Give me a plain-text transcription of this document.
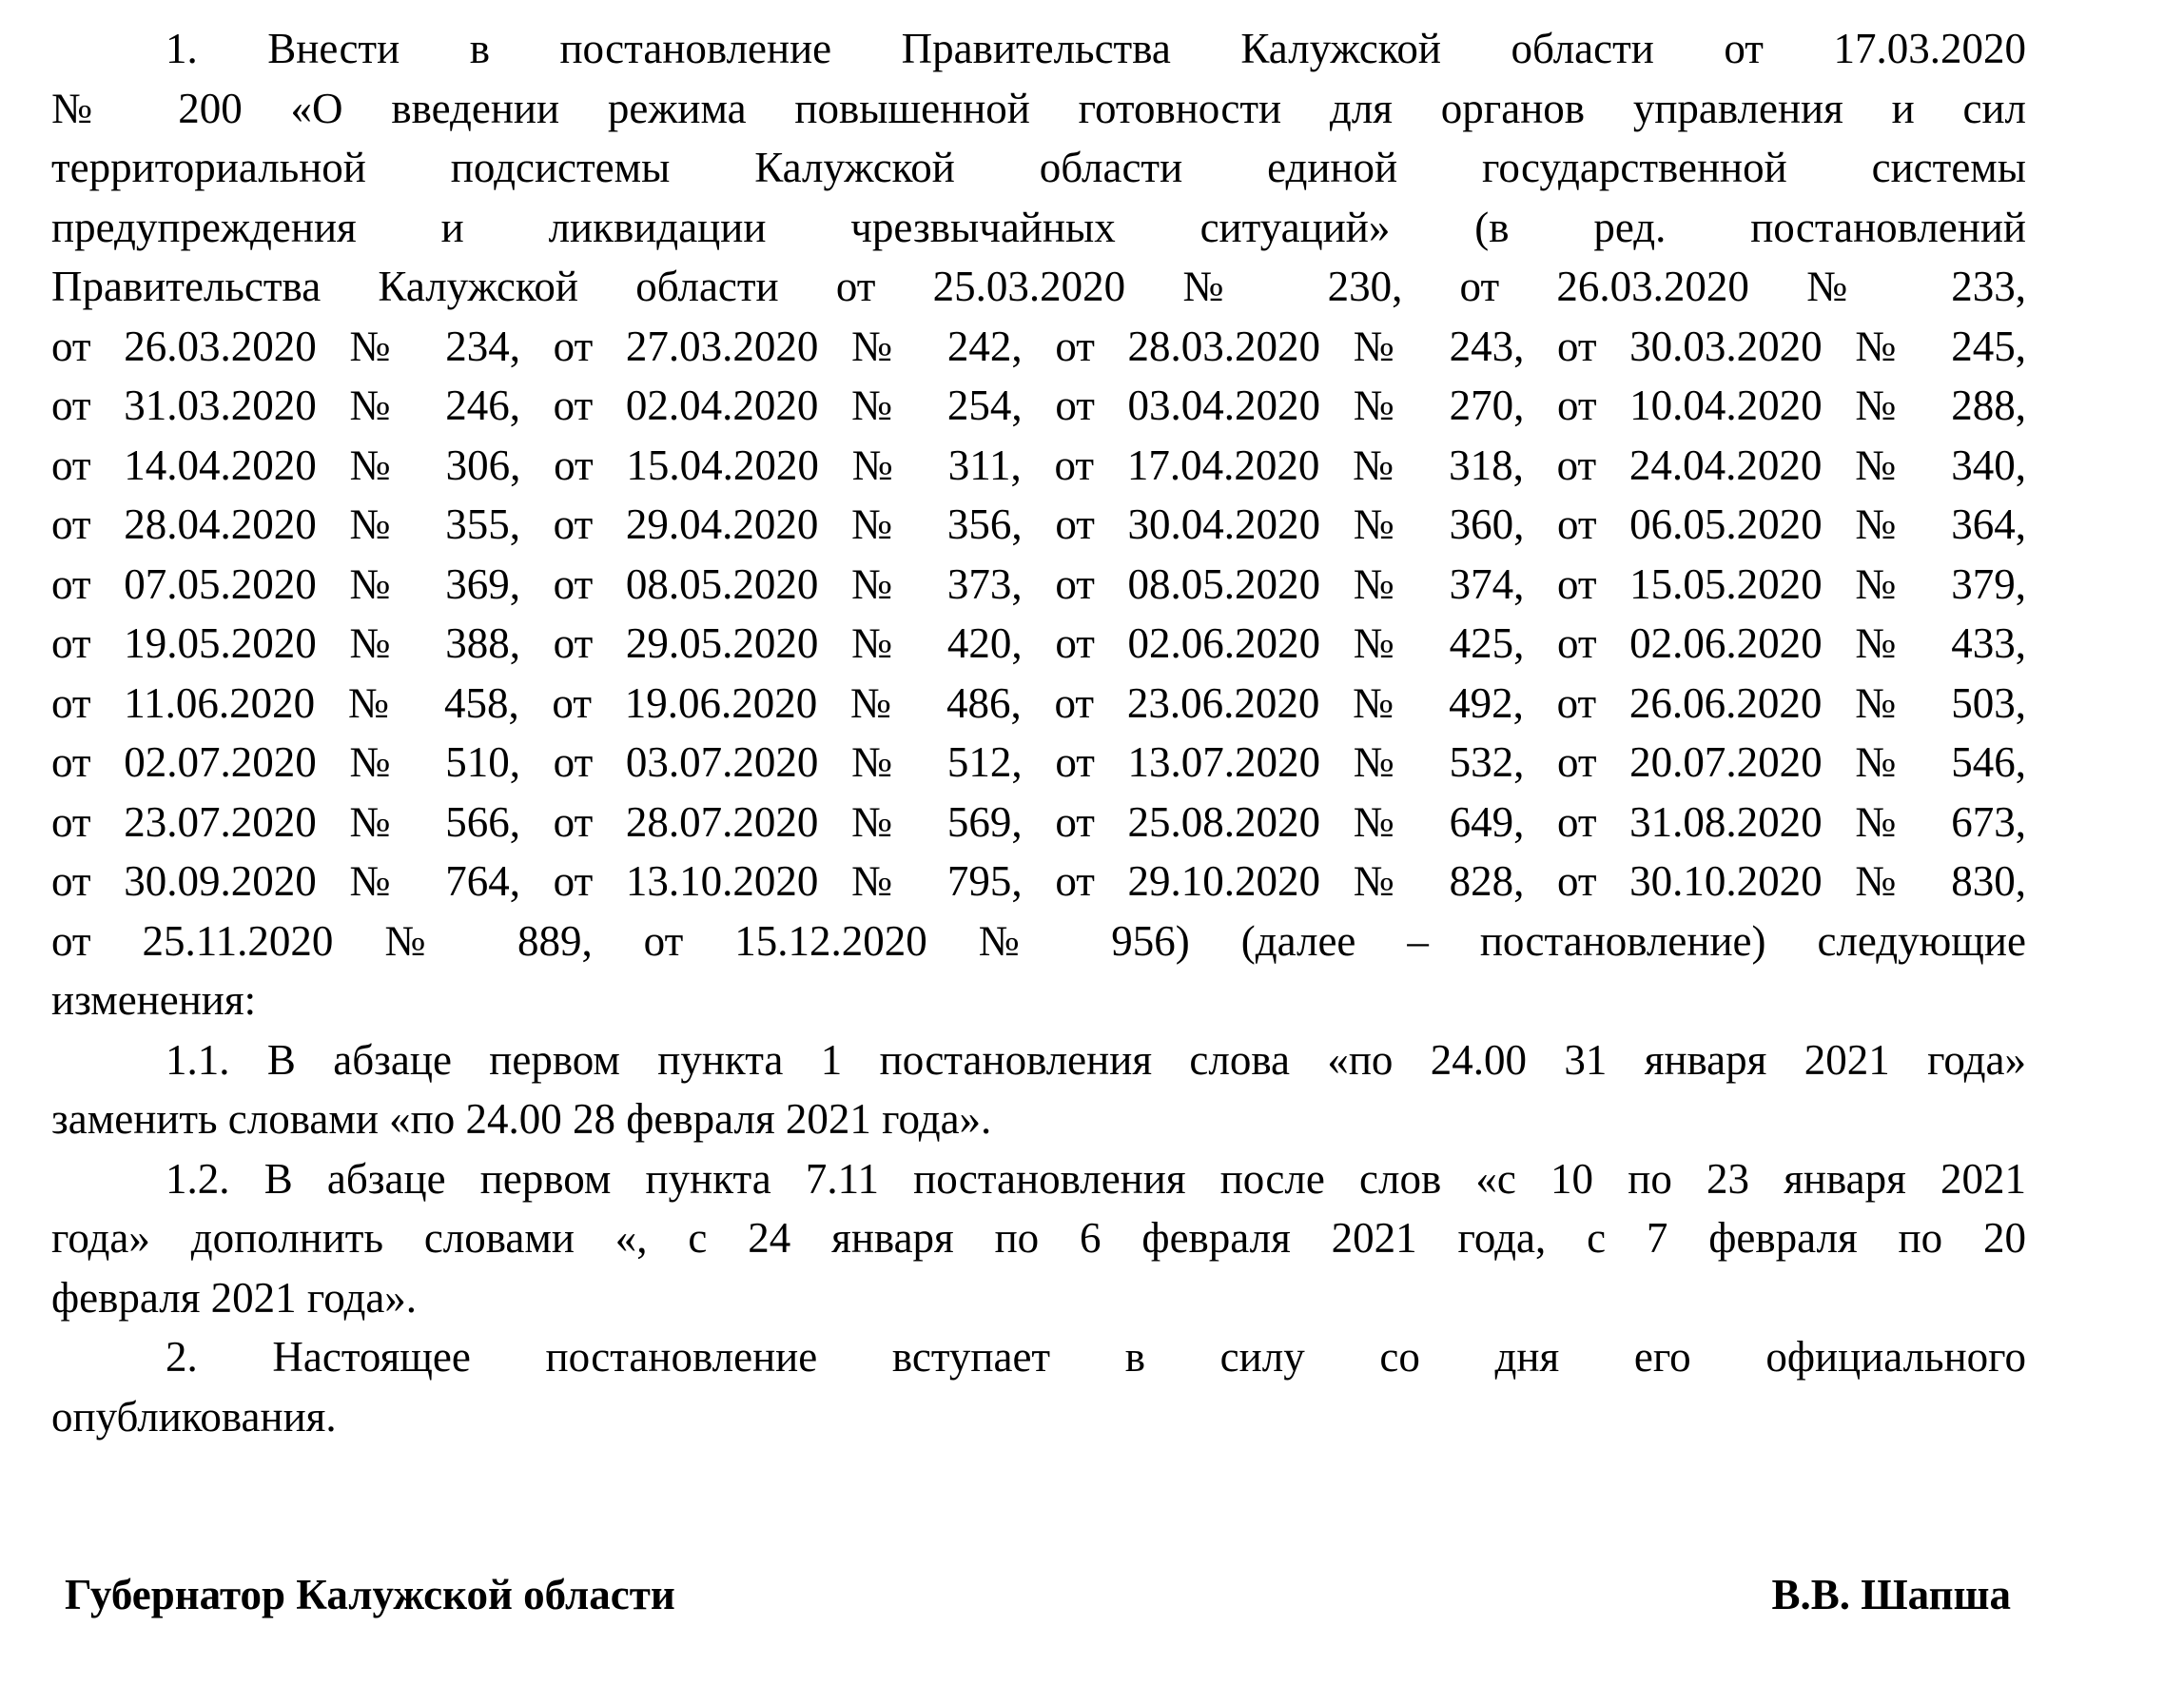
1. Внести в постановление Правительства Калужской области от 17.03.2020
№ 200 «О введении режима повышенной готовности для органов управления и сил
территориальной подсистемы Калужской области единой государственной системы
предупреждения и ликвидации чрезвычайных ситуаций» (в ред. постановлений
Правительства Калужской области от 25.03.2020 № 230, от 26.03.2020 № 233,
от 26.03.2020 № 234, от 27.03.2020 № 242, от 28.03.2020 № 243, от 30.03.2020 № 245,
от 31.03.2020 № 246, от 02.04.2020 № 254, от 03.04.2020 № 270, от 10.04.2020 № 288,
от 14.04.2020 № 306, от 15.04.2020 № 311, от 17.04.2020 № 318, от 24.04.2020 № 340,
от 28.04.2020 № 355, от 29.04.2020 № 356, от 30.04.2020 № 360, от 06.05.2020 № 364,
от 07.05.2020 № 369, от 08.05.2020 № 373, от 08.05.2020 № 374, от 15.05.2020 № 379,
от 19.05.2020 № 388, от 29.05.2020 № 420, от 02.06.2020 № 425, от 02.06.2020 № 433,
от 11.06.2020 № 458, от 19.06.2020 № 486, от 23.06.2020 № 492, от 26.06.2020 № 503,
от 02.07.2020 № 510, от 03.07.2020 № 512, от 13.07.2020 № 532, от 20.07.2020 № 546,
от 23.07.2020 № 566, от 28.07.2020 № 569, от 25.08.2020 № 649, от 31.08.2020 № 673,
от 30.09.2020 № 764, от 13.10.2020 № 795, от 29.10.2020 № 828, от 30.10.2020 № 830,
от 25.11.2020 № 889, от 15.12.2020 № 956) (далее – постановление) следующие
изменения:
1.1. В абзаце первом пункта 1 постановления слова «по 24.00 31 января 2021 года»
заменить словами «по 24.00 28 февраля 2021 года».
1.2. В абзаце первом пункта 7.11 постановления после слов «с 10 по 23 января 2021
года» дополнить словами «, с 24 января по 6 февраля 2021 года, с 7 февраля по 20
февраля 2021 года».
2. Настоящее постановление вступает в силу со дня его официального
опубликования.
Губернатор Калужской области	В.В. Шапша
